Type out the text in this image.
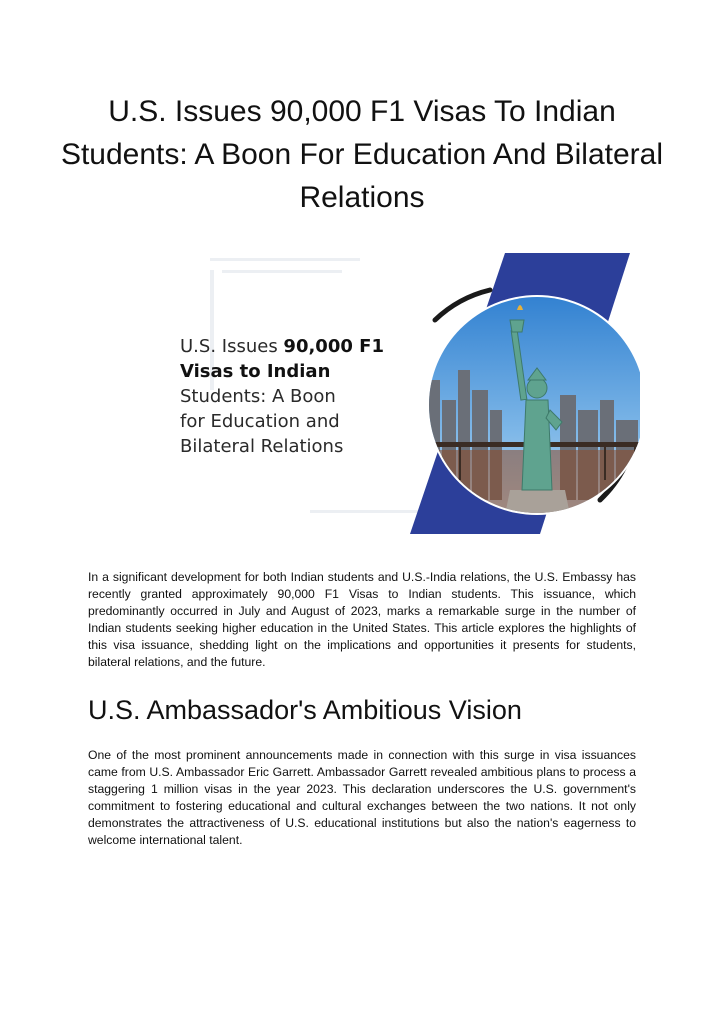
U.S. Issues 90,000 F1 Visas To Indian Students: A Boon For Education And Bilateral Relations
U.S. Issues 90,000 F1
Visas to Indian
Students: A Boon
for Education and
Bilateral Relations

In a significant development for both Indian students and U.S.-India relations, the U.S. Embassy has recently granted approximately 90,000 F1 Visas to Indian students. This issuance, which predominantly occurred in July and August of 2023, marks a remarkable surge in the number of Indian students seeking higher education in the United States. This article explores the highlights of this visa issuance, shedding light on the implications and opportunities it presents for students, bilateral relations, and the future.

U.S. Ambassador's Ambitious Vision

One of the most prominent announcements made in connection with this surge in visa issuances came from U.S. Ambassador Eric Garrett. Ambassador Garrett revealed ambitious plans to process a staggering 1 million visas in the year 2023. This declaration underscores the U.S. government's commitment to fostering educational and cultural exchanges between the two nations. It not only demonstrates the attractiveness of U.S. educational institutions but also the nation's eagerness to welcome international talent.
